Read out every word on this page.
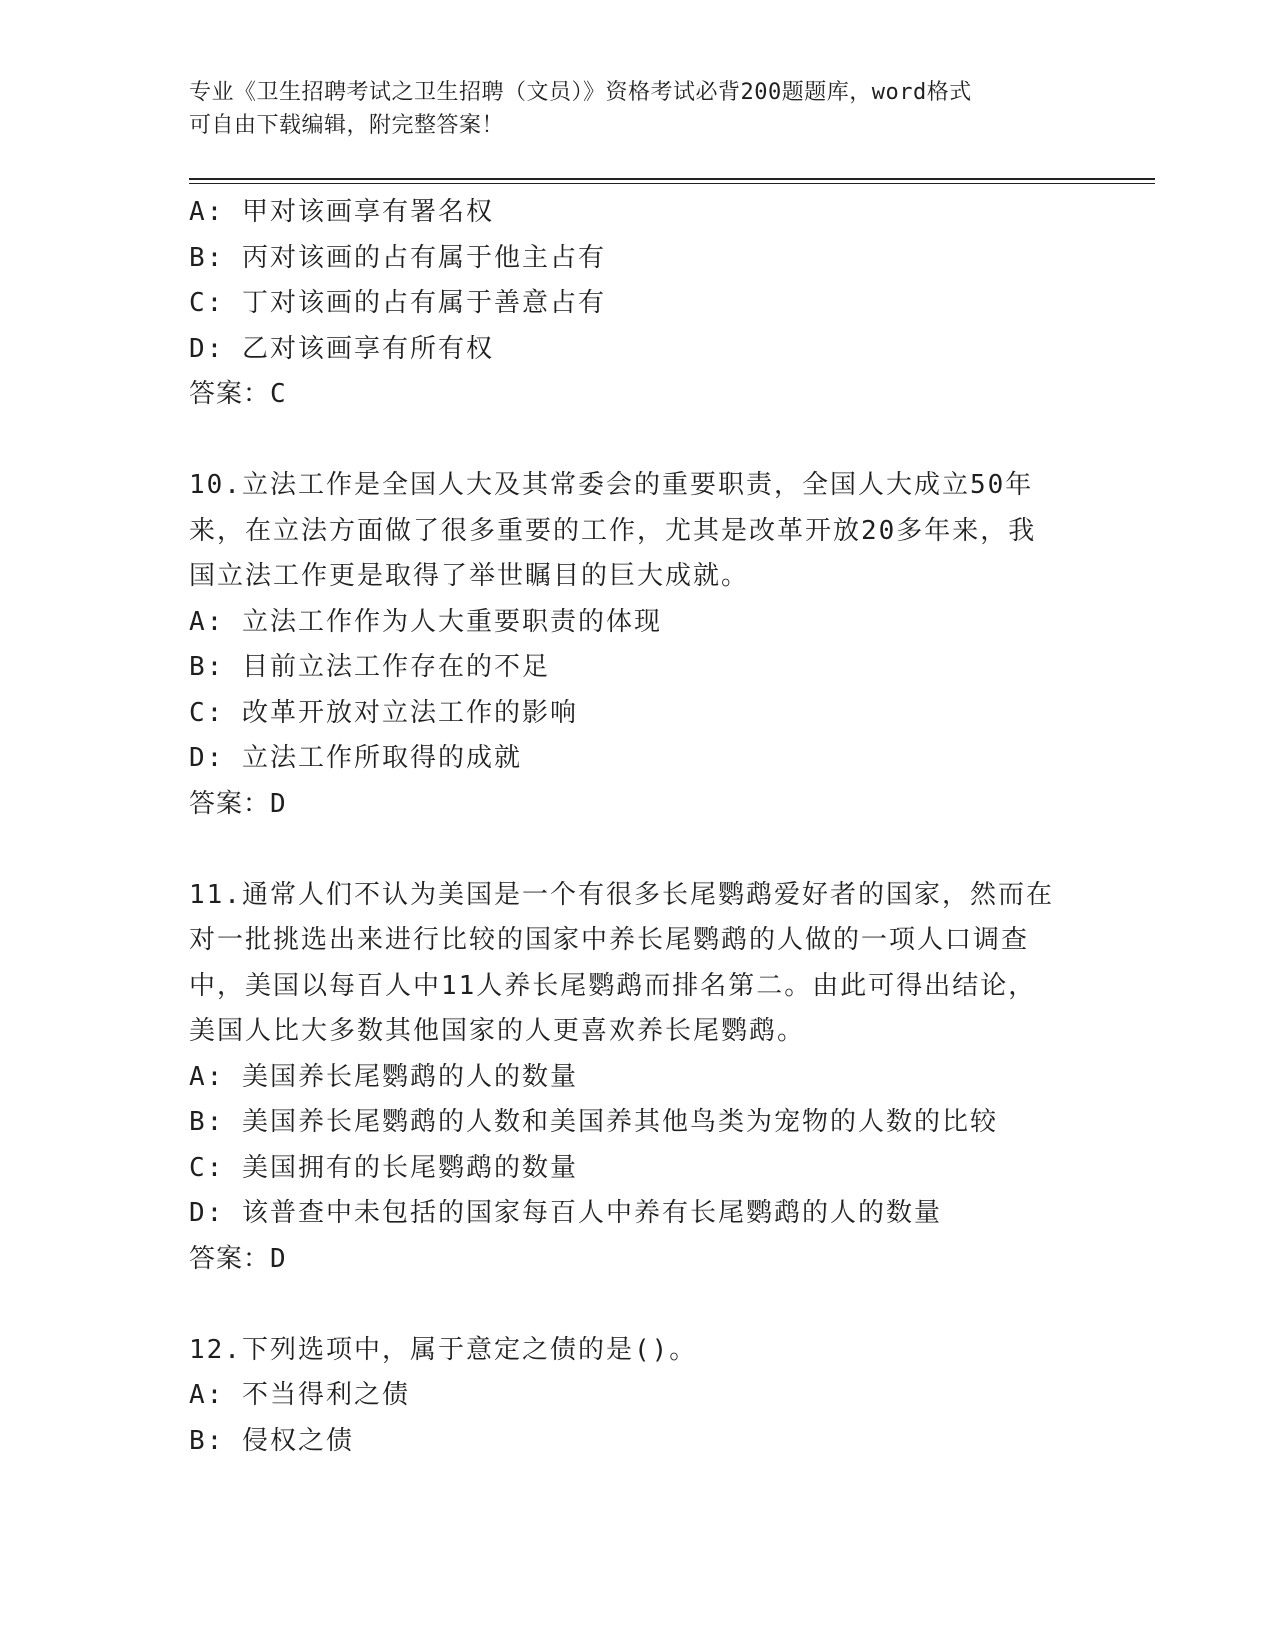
专业《卫生招聘考试之卫生招聘（文员）》资格考试必背200题题库，word格式
可自由下载编辑，附完整答案！
A: 甲对该画享有署名权
B: 丙对该画的占有属于他主占有
C: 丁对该画的占有属于善意占有
D: 乙对该画享有所有权
答案：C
10.立法工作是全国人大及其常委会的重要职责，全国人大成立50年
来，在立法方面做了很多重要的工作，尤其是改革开放20多年来，我
国立法工作更是取得了举世瞩目的巨大成就。
A: 立法工作作为人大重要职责的体现
B: 目前立法工作存在的不足
C: 改革开放对立法工作的影响
D: 立法工作所取得的成就
答案：D
11.通常人们不认为美国是一个有很多长尾鹦鹉爱好者的国家，然而在
对一批挑选出来进行比较的国家中养长尾鹦鹉的人做的一项人口调查
中，美国以每百人中11人养长尾鹦鹉而排名第二。由此可得出结论，
美国人比大多数其他国家的人更喜欢养长尾鹦鹉。
A: 美国养长尾鹦鹉的人的数量
B: 美国养长尾鹦鹉的人数和美国养其他鸟类为宠物的人数的比较
C: 美国拥有的长尾鹦鹉的数量
D: 该普查中未包括的国家每百人中养有长尾鹦鹉的人的数量
答案：D
12.下列选项中，属于意定之债的是()。
A: 不当得利之债
B: 侵权之债
